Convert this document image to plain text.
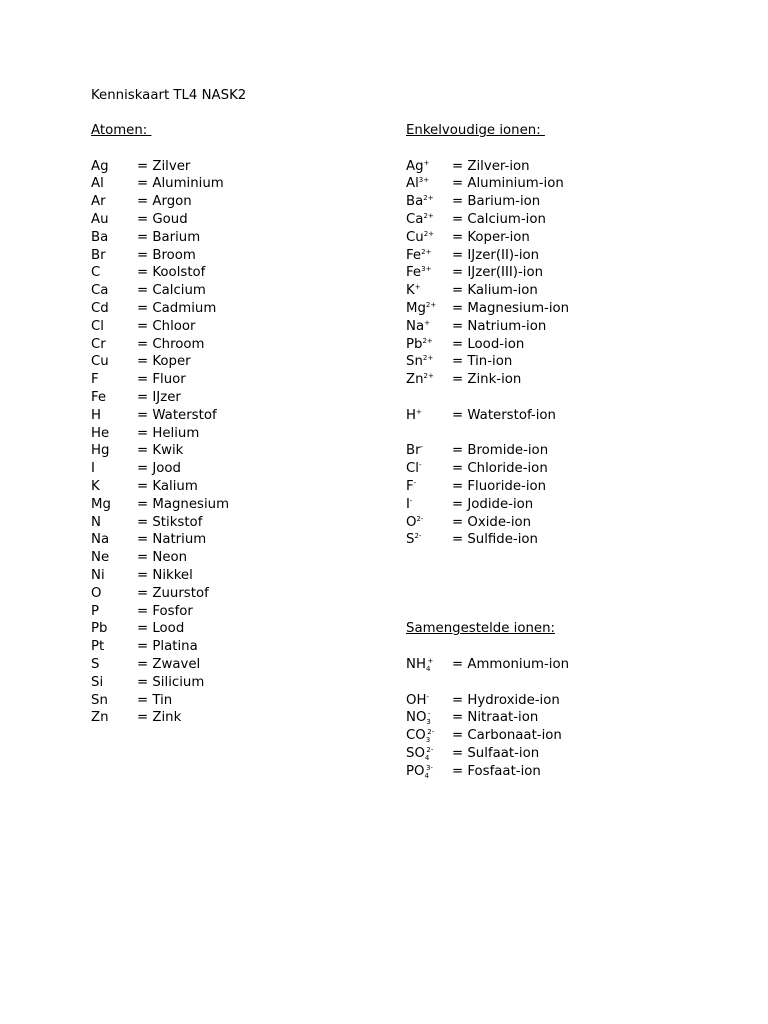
Kenniskaart TL4 NASK2
Atomen:
Ag	= Zilver
Al	= Aluminium
Ar	= Argon
Au	= Goud
Ba	= Barium
Br	= Broom
C	= Koolstof
Ca	= Calcium
Cd	= Cadmium
Cl	= Chloor
Cr	= Chroom
Cu	= Koper
F	= Fluor
Fe	= IJzer
H	= Waterstof
He	= Helium
Hg	= Kwik
I	= Jood
K	= Kalium
Mg	= Magnesium
N	= Stikstof
Na	= Natrium
Ne	= Neon
Ni	= Nikkel
O	= Zuurstof
P	= Fosfor
Pb	= Lood
Pt	= Platina
S	= Zwavel
Si	= Silicium
Sn	= Tin
Zn	= Zink
Enkelvoudige ionen:
Ag+	= Zilver-ion
$Al^{3+}$	= Aluminium-ion
$Ba^{2+}$	= Barium-ion
$Ca^{2+}$	= Calcium-ion
$Cu^{2+}$	= Koper-ion
$Fe^{2+}$	= IJzer(II)-ion
$Fe^{3+}$	= IJzer(III)-ion
K+	= Kalium-ion
$Mg^{2+}$	= Magnesium-ion
Na+	= Natrium-ion
$Pb^{2+}$	= Lood-ion
$Sn^{2+}$	= Tin-ion
$Zn^{2+}$	= Zink-ion
H+	= Waterstof-ion
Br-	= Bromide-ion
Cl-	= Chloride-ion
F-	= Fluoride-ion
I-	= Jodide-ion
$O^{2-}$	= Oxide-ion
$S^{2-}$	= Sulfide-ion
Samengestelde ionen:
$NH_4^+$	= Ammonium-ion
OH-	= Hydroxide-ion
$NO_3^-$	= Nitraat-ion
$CO_3^{2-}$	= Carbonaat-ion
$SO_4^{2-}$	= Sulfaat-ion
$PO_4^{3-}$	= Fosfaat-ion
